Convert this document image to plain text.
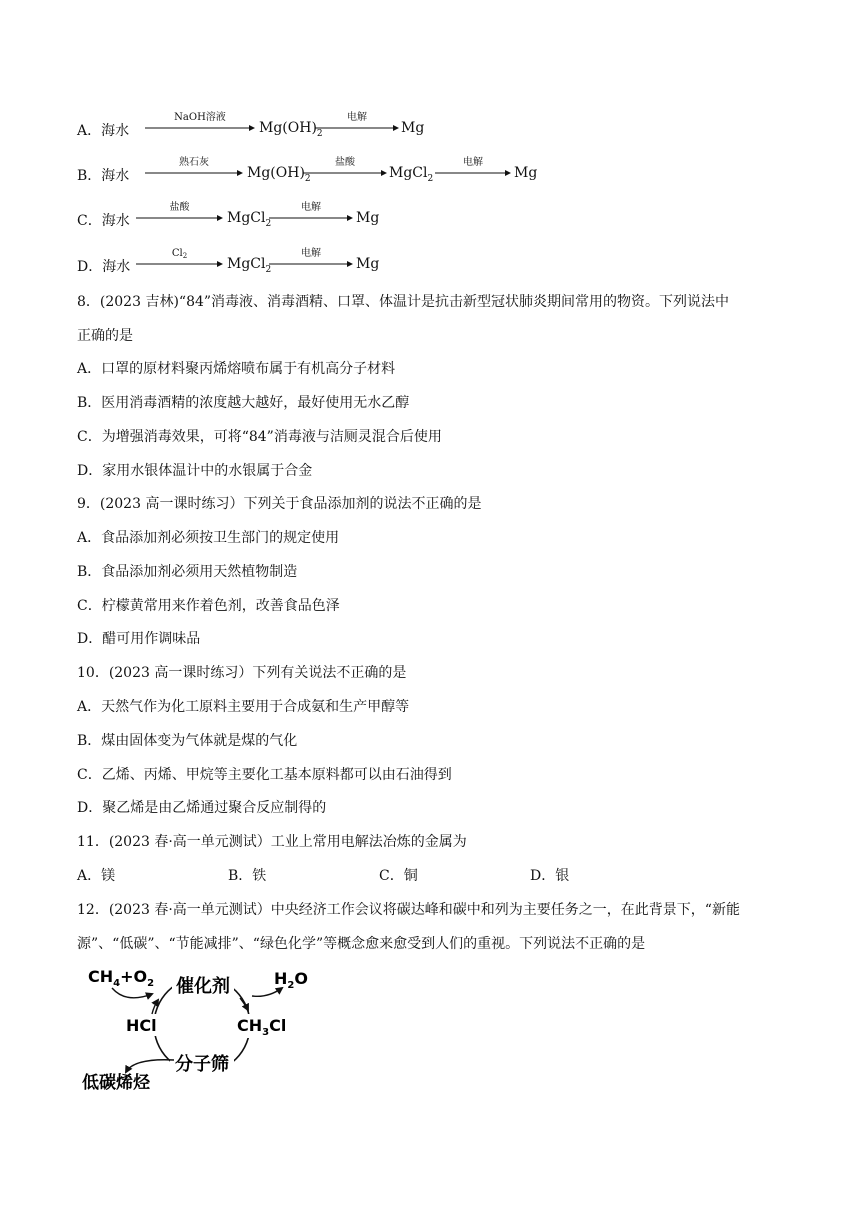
A．海水
NaOH溶液
$Mg(OH)_2$
电解
Mg
B．海水
熟石灰
$Mg(OH)_2$
盐酸
MgCl$_2$
电解
Mg
C．海水
盐酸
MgCl$_2$
电解
Mg
D．海水
$Cl_2$	MgCl$_2$
电解
Mg
8．(2023 吉林)“84”消毒液、消毒酒精、口罩、体温计是抗击新型冠状肺炎期间常用的物资。下列说法中
正确的是
A．口罩的原材料聚丙烯熔喷布属于有机高分子材料
B．医用消毒酒精的浓度越大越好，最好使用无水乙醇
C．为增强消毒效果，可将“84”消毒液与洁厕灵混合后使用
D．家用水银体温计中的水银属于合金
9．(2023 高一课时练习）下列关于食品添加剂的说法不正确的是
A．食品添加剂必须按卫生部门的规定使用
B．食品添加剂必须用天然植物制造
C．柠檬黄常用来作着色剂，改善食品色泽
D．醋可用作调味品
10．(2023 高一课时练习）下列有关说法不正确的是
A．天然气作为化工原料主要用于合成氨和生产甲醇等
B．煤由固体变为气体就是煤的气化
C．乙烯、丙烯、甲烷等主要化工基本原料都可以由石油得到
D．聚乙烯是由乙烯通过聚合反应制得的
11．(2023 春·高一单元测试）工业上常用电解法冶炼的金属为
A．镁	B．铁	C．铜	D．银
12．(2023 春·高一单元测试）中央经济工作会议将碳达峰和碳中和列为主要任务之一，在此背景下，“新能
源”、“低碳”、“节能减排”、“绿色化学”等概念愈来愈受到人们的重视。下列说法不正确的是
催化剂
分子筛
HCl	$CH_3Cl$
$CH_4+O_2$	$H_2O$
低碳烯烃
